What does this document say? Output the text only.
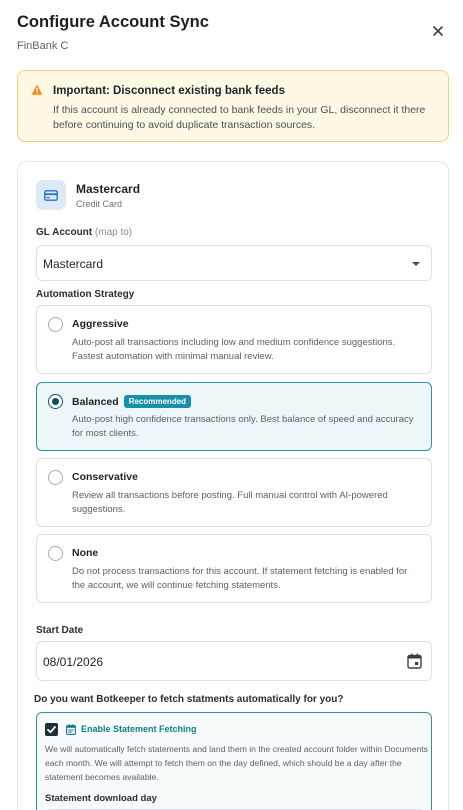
Configure Account Sync
FinBank C
Important: Disconnect existing bank feeds
If this account is already connected to bank feeds in your GL, disconnect it there before continuing to avoid duplicate transaction sources.
Mastercard
Credit Card
GL Account (map to)
Mastercard
Automation Strategy
Aggressive
Auto-post all transactions including low and medium confidence suggestions. Fastest automation with minimal manual review.
Balanced Recommended
Auto-post high confidence transactions only. Best balance of speed and accuracy for most clients.
Conservative
Review all transactions before posting. Full manual control with AI-powered suggestions.
None
Do not process transactions for this account. If statement fetching is enabled for the account, we will continue fetching statements.
Start Date
08/01/2026
Do you want Botkeeper to fetch statments automatically for you?
Enable Statement Fetching
We will automatically fetch statements and land them in the created account folder within Documents each month. We will attempt to fetch them on the day defined, which should be a day after the statement becomes available.
Statement download day
